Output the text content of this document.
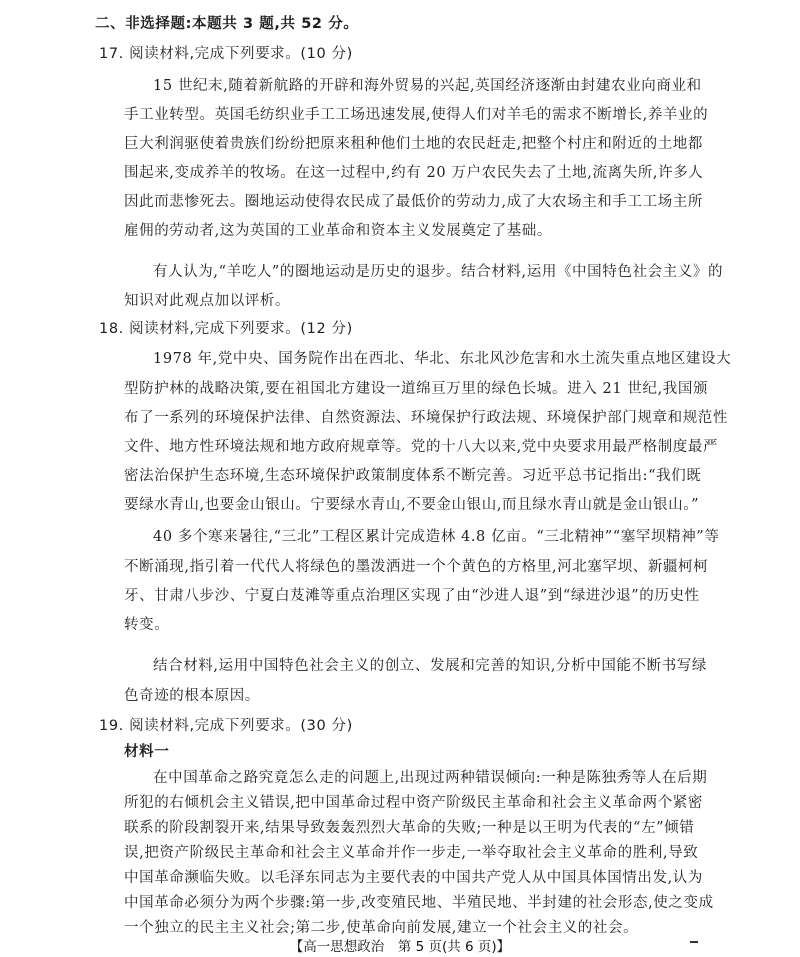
二、非选择题:本题共 3 题,共 52 分。
17. 阅读材料,完成下列要求。(10 分)
15 世纪末,随着新航路的开辟和海外贸易的兴起,英国经济逐渐由封建农业向商业和
手工业转型。英国毛纺织业手工工场迅速发展,使得人们对羊毛的需求不断增长,养羊业的
巨大利润驱使着贵族们纷纷把原来租种他们土地的农民赶走,把整个村庄和附近的土地都
围起来,变成养羊的牧场。在这一过程中,约有 20 万户农民失去了土地,流离失所,许多人
因此而悲惨死去。圈地运动使得农民成了最低价的劳动力,成了大农场主和手工工场主所
雇佣的劳动者,这为英国的工业革命和资本主义发展奠定了基础。
有人认为,“羊吃人”的圈地运动是历史的退步。结合材料,运用《中国特色社会主义》的
知识对此观点加以评析。
18. 阅读材料,完成下列要求。(12 分)
1978 年,党中央、国务院作出在西北、华北、东北风沙危害和水土流失重点地区建设大
型防护林的战略决策,要在祖国北方建设一道绵亘万里的绿色长城。进入 21 世纪,我国颁
布了一系列的环境保护法律、自然资源法、环境保护行政法规、环境保护部门规章和规范性
文件、地方性环境法规和地方政府规章等。党的十八大以来,党中央要求用最严格制度最严
密法治保护生态环境,生态环境保护政策制度体系不断完善。习近平总书记指出:“我们既
要绿水青山,也要金山银山。宁要绿水青山,不要金山银山,而且绿水青山就是金山银山。”
40 多个寒来暑往,“三北”工程区累计完成造林 4.8 亿亩。“三北精神”“塞罕坝精神”等
不断涌现,指引着一代代人将绿色的墨泼洒进一个个黄色的方格里,河北塞罕坝、新疆柯柯
牙、甘肃八步沙、宁夏白芨滩等重点治理区实现了由“沙进人退”到“绿进沙退”的历史性
转变。
结合材料,运用中国特色社会主义的创立、发展和完善的知识,分析中国能不断书写绿
色奇迹的根本原因。
19. 阅读材料,完成下列要求。(30 分)
材料一
在中国革命之路究竟怎么走的问题上,出现过两种错误倾向:一种是陈独秀等人在后期
所犯的右倾机会主义错误,把中国革命过程中资产阶级民主革命和社会主义革命两个紧密
联系的阶段割裂开来,结果导致轰轰烈烈大革命的失败;一种是以王明为代表的“左”倾错
误,把资产阶级民主革命和社会主义革命并作一步走,一举夺取社会主义革命的胜利,导致
中国革命濒临失败。以毛泽东同志为主要代表的中国共产党人从中国具体国情出发,认为
【高一思想政治　第 5 页(共 6 页)】
中国革命必须分为两个步骤:第一步,改变殖民地、半殖民地、半封建的社会形态,使之变成
一个独立的民主主义社会;第二步,使革命向前发展,建立一个社会主义的社会。
